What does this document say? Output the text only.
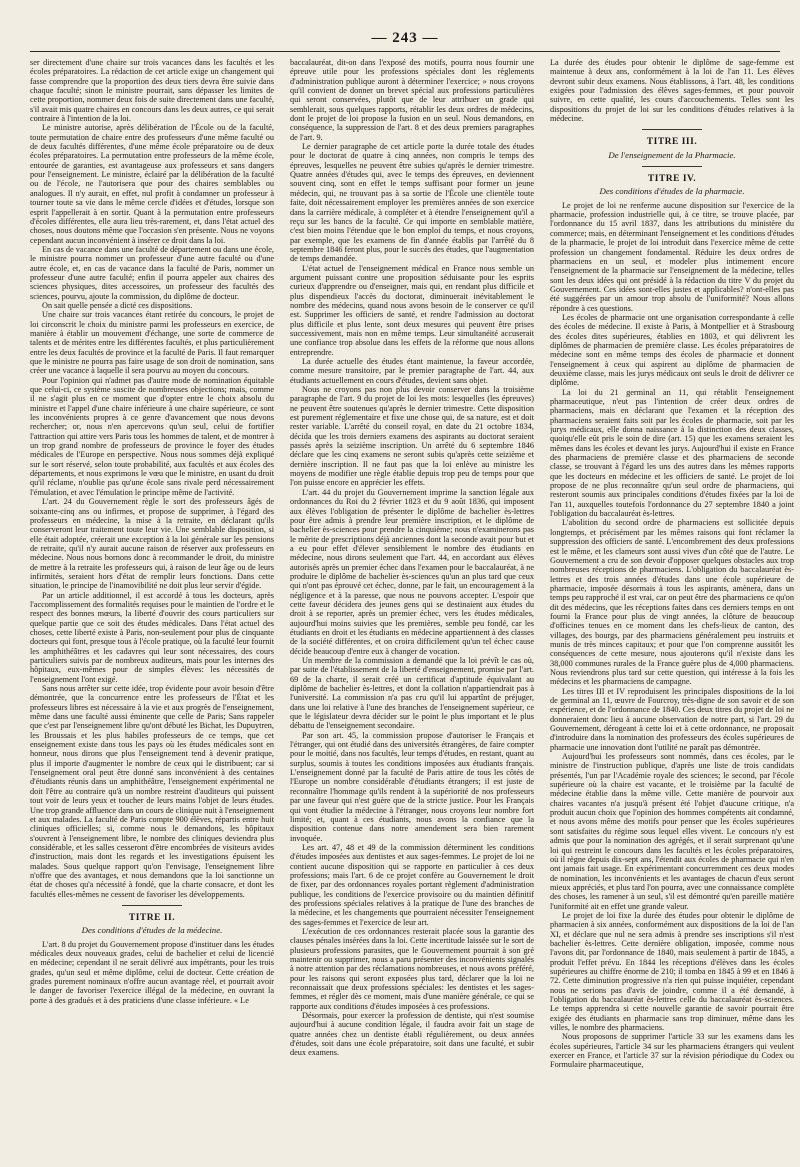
— 243 —

ser directement d'une chaire sur trois vacances dans les facultés et les écoles préparatoires. La rédaction de cet article exige un changement qui fasse comprendre que la proportion des deux tiers devra être suivie dans chaque faculté; sinon le ministre pourrait, sans dépasser les limites de cette proportion, nommer deux fois de suite directement dans une faculté, s'il avait mis quatre chaires en concours dans les deux autres, ce qui serait contraire à l'intention de la loi.

Le ministre autorise, après délibération de l'École ou de la faculté, toute permutation de chaire entre des professeurs d'une même faculté ou de deux facultés différentes, d'une même école préparatoire ou de deux écoles préparatoires. La permutation entre professeurs de la même école, entourée de garanties, est avantageuse aux professeurs et sans dangers pour l'enseignement. Le ministre, éclairé par la délibération de la faculté ou de l'école, ne l'autorisera que pour des chaires semblables ou analogues. Il n'y aurait, en effet, nul profit à condamner un professeur à tourner toute sa vie dans le même cercle d'idées et d'études, lorsque son esprit l'appellerait à en sortir. Quant à la permutation entre professeurs d'écoles différentes, elle aura lieu très-rarement, et, dans l'état actuel des choses, nous doutons même que l'occasion s'en présente. Nous ne voyons cependant aucun inconvénient à insérer ce droit dans la loi.

En cas de vacance dans une faculté de département ou dans une école, le ministre pourra nommer un professeur d'une autre faculté ou d'une autre école, et, en cas de vacance dans la faculté de Paris, nommer un professeur d'une autre faculté; enfin il pourra appeler aux chaires des sciences physiques, dites accessoires, un professeur des facultés des sciences, pourvu, ajoute la commission, du diplôme de docteur.

On sait quelle pensée a dicté ces dispositions.

Une chaire sur trois vacances étant retirée du concours, le projet de loi circonscrit le choix du ministre parmi les professeurs en exercice, de manière à établir un mouvement d'échange, une sorte de commerce de talents et de mérites entre les différentes facultés, et plus particulièrement entre les deux facultés de province et la faculté de Paris. Il faut remarquer que le ministre ne pourra pas faire usage de son droit de nomination, sans créer une vacance à laquelle il sera pourvu au moyen du concours.

Pour l'opinion qui n'admet pas d'autre mode de nomination équitable que celui-ci, ce système suscite de nombreuses objections; mais, comme il ne s'agit plus en ce moment que d'opter entre le choix absolu du ministre et l'appel d'une chaire inférieure à une chaire supérieure, ce sont les inconvénients propres à ce genre d'avancement que nous devons rechercher; or, nous n'en apercevons qu'un seul, celui de fortifier l'attraction qui attire vers Paris tous les hommes de talent, et de montrer à un trop grand nombre de professeurs de province le foyer des études médicales de l'Europe en perspective. Nous nous sommes déjà expliqué sur le sort réservé, selon toute probabilité, aux facultés et aux écoles des départements, et nous exprimons le vœu que le ministre, en usant du droit qu'il réclame, n'oublie pas qu'une école sans rivale perd nécessairement l'émulation, et avec l'émulation le principe même de l'activité.

L'art. 24 du Gouvernement règle le sort des professeurs âgés de soixante-cinq ans ou infirmes, et propose de supprimer, à l'égard des professeurs en médecine, la mise à la retraite, en déclarant qu'ils conserveront leur traitement toute leur vie. Une semblable disposition, si elle était adoptée, créerait une exception à la loi générale sur les pensions de retraite, qu'il n'y aurait aucune raison de réserver aux professeurs en médecine. Nous nous bornons donc à recommander le droit, du ministre de mettre à la retraite les professeurs qui, à raison de leur âge ou de leurs infirmités, seraient hors d'état de remplir leurs fonctions. Dans cette situation, le principe de l'inamovibilité ne doit plus leur servir d'égide.

Par un article additionnel, il est accordé à tous les docteurs, après l'accomplissement des formalités requises pour le maintien de l'ordre et le respect des bonnes mœurs, la liberté d'ouvrir des cours particuliers sur quelque partie que ce soit des études médicales. Dans l'état actuel des choses, cette liberté existe à Paris, non-seulement pour plus de cinquante docteurs qui font, presque tous à l'école pratique, où la faculté leur fournit les amphithéâtres et les cadavres qui leur sont nécessaires, des cours particuliers suivis par de nombreux auditeurs, mais pour les internes des hôpitaux, eux-mêmes pour de simples élèves: les nécessités de l'enseignement l'ont exigé.

Sans nous arrêter sur cette idée, trop évidente pour avoir besoin d'être démontrée, que la concurrence entre les professeurs de l'État et les professeurs libres est nécessaire à la vie et aux progrès de l'enseignement, même dans une faculté aussi éminente que celle de Paris; Sans rappeler que c'est par l'enseignement libre qu'ont débuté les Bichat, les Dupuytren, les Broussais et les plus habiles professeurs de ce temps, que cet enseignement existe dans tous les pays où les études médicales sont en honneur, nous dirons que plus l'enseignement tend à devenir pratique, plus il importe d'augmenter le nombre de ceux qui le distribuent; car si l'enseignement oral peut être donné sans inconvénient à des centaines d'étudiants réunis dans un amphithéâtre, l'enseignement expérimental ne doit l'être au contraire qu'à un nombre restreint d'auditeurs qui puissent tout voir de leurs yeux et toucher de leurs mains l'objet de leurs études. Une trop grande affluence dans un cours de clinique nuit à l'enseignement et aux malades. La faculté de Paris compte 900 élèves, répartis entre huit cliniques officielles; si, comme nous le demandons, les hôpitaux s'ouvrent à l'enseignement libre, le nombre des cliniques deviendra plus considérable, et les salles cesseront d'être encombrées de visiteurs avides d'instruction, mais dont les regards et les investigations épuisent les malades. Sous quelque rapport qu'on l'envisage, l'enseignement libre n'offre que des avantages, et nous demandons que la loi sanctionne un état de choses qu'a nécessité à fondé, que la charte consacre, et dont les facultés elles-mêmes ne cessent de favoriser les développements.

TITRE II.

Des conditions d'études de la médecine.

L'art. 8 du projet du Gouvernement propose d'instituer dans les études médicales deux nouveaux grades, celui de bachelier et celui de licencié en médecine; cependant il ne serait délivré aux impétrants, pour les trois grades, qu'un seul et même diplôme, celui de docteur. Cette création de grades purement nominaux n'offre aucun avantage réel, et pourrait avoir le danger de favoriser l'exercice illégal de la médecine, en ouvrant la porte à des gradués et à des praticiens d'une classe inférieure. « Le

baccalauréat, dit-on dans l'exposé des motifs, pourra nous fournir une épreuve utile pour les professions spéciales dont les règlements d'administration publique auront à déterminer l'exercice; » nous croyons qu'il convient de donner un brevet spécial aux professions particulières qui seront conservées, plutôt que de leur attribuer un grade qui semblerait, sous quelques rapports, rétablir les deux ordres de médecins, dont le projet de loi propose la fusion en un seul. Nous demandons, en conséquence, la suppression de l'art. 8 et des deux premiers paragraphes de l'art. 9.

Le dernier paragraphe de cet article porte la durée totale des études pour le doctorat de quatre à cinq années, non compris le temps des épreuves, lesquelles ne peuvent être subies qu'après le dernier trimestre. Quatre années d'études qui, avec le temps des épreuves, en deviennent souvent cinq, sont en effet le temps suffisant pour former un jeune médecin, qui, ne trouvant pas à sa sortie de l'École une clientèle toute faite, doit nécessairement employer les premières années de son exercice dans la carrière médicale, à compléter et à étendre l'enseignement qu'il a reçu sur les bancs de la faculté. Ce qui importe en semblable matière, c'est bien moins l'étendue que le bon emploi du temps, et nous croyons, par exemple, que les examens de fin d'année établis par l'arrêté du 8 septembre 1846 feront plus, pour le succès des études, que l'augmentation de temps demandée.

L'état actuel de l'enseignement médical en France nous semble un argument puissant contre une proposition séduisante pour les esprits curieux d'apprendre ou d'enseigner, mais qui, en rendant plus difficile et plus dispendieux l'accès du doctorat, diminuerait inévitablement le nombre des médecins, quand nous avons besoin de le conserver ce qu'il est. Supprimer les officiers de santé, et rendre l'admission au doctorat plus difficile et plus lente, sont deux mesures qui peuvent être prises successivement, mais non en même temps. Leur simultanéité accuserait une confiance trop absolue dans les effets de la réforme que nous allons entreprendre.

La durée actuelle des études étant maintenue, la faveur accordée, comme mesure transitoire, par le premier paragraphe de l'art. 44, aux étudiants actuellement en cours d'études, devient sans objet.

Nous ne croyons pas non plus devoir conserver dans la troisième paragraphe de l'art. 9 du projet de loi les mots: lesquelles (les épreuves) ne peuvent être soutenues qu'après le dernier trimestre. Cette disposition est purement réglementaire et fixe une chose qui, de sa nature, est et doit rester variable. L'arrêté du conseil royal, en date du 21 octobre 1834, décida que les trois derniers examens des aspirants au doctorat seraient passés après la seizième inscription. Un arrêté du 6 septembre 1846 déclare que les cinq examens ne seront subis qu'après cette seizième et dernière inscription. Il ne faut pas que la loi enlève au ministre les moyens de modifier une règle établie depuis trop peu de temps pour que l'on puisse encore en apprécier les effets.

L'art. 44 du projet du Gouvernement imprime la sanction légale aux ordonnances du Roi du 2 février 1823 et du 9 août 1836, qui imposent aux élèves l'obligation de présenter le diplôme de bachelier ès-lettres pour être admis à prendre leur première inscription, et le diplôme de bachelier ès-sciences pour prendre la cinquième; nous n'examinerons pas le mérite de prescriptions déjà anciennes dont la seconde avait pour but et a eu pour effet d'élever sensiblement le nombre des étudiants en médecine, nous dirons seulement que l'art. 44, en accordant aux élèves autorisés après un premier échec dans l'examen pour le baccalauréat, à ne produire le diplôme de bachelier ès-sciences qu'un an plus tard que ceux qui n'ont pas éprouvé cet échec, donne, par le fait, un encouragement à la négligence et à la paresse, que nous ne pouvons accepter. L'espoir que cette faveur décidera des jeunes gens qui se destinaient aux études du droit à se reporter, après un premier échec, vers les études médicales, aujourd'hui moins suivies que les premières, semble peu fondé, car les étudiants en droit et les étudiants en médecine appartiennent à des classes de la société différentes, et on croira difficilement qu'un tel échec cause décide beaucoup d'entre eux à changer de vocation.

Un membre de la commission a demandé que la loi prévît le cas où, par suite de l'établissement de la liberté d'enseignement, promise par l'art. 69 de la charte, il serait créé un certificat d'aptitude équivalant au diplôme de bachelier ès-lettres, et dont la collation n'appartiendrait pas à l'université. La commission n'a pas cru qu'il lui appartînt de préjuger, dans une loi relative à l'une des branches de l'enseignement supérieur, ce que le législateur devra décider sur le point le plus important et le plus débattu de l'enseignement secondaire.

Par son art. 45, la commission propose d'autoriser le Français et l'étranger, qui ont étudié dans des universités étrangères, de faire compter pour le moitié, dans nos facultés, leur temps d'études, en restant, quant au surplus, soumis à toutes les conditions imposées aux étudiants français. L'enseignement donné par la faculté de Paris attire de tous les côtés de l'Europe un nombre considérable d'étudiants étrangers; il est juste de reconnaître l'hommage qu'ils rendent à la supériorité de nos professeurs par une faveur qui n'est guère que de la stricte justice. Pour les Français qui vont étudier la médecine à l'étranger, nous croyons leur nombre fort limité; et, quant à ces étudiants, nous avons la confiance que la disposition contenue dans notre amendement sera bien rarement invoquée.

Les art. 47, 48 et 49 de la commission déterminent les conditions d'études imposées aux dentistes et aux sages-femmes. Le projet de loi ne contient aucune disposition qui se rapporte en particulier à ces deux professions; mais l'art. 6 de ce projet confère au Gouvernement le droit de fixer, par des ordonnances royales portant règlement d'administration publique, les conditions de l'exercice provisoire ou du maintien définitif des professions spéciales relatives à la pratique de l'une des branches de la médecine, et les changements que pourraient nécessiter l'enseignement des sages-femmes et l'exercice de leur art.

L'exécution de ces ordonnances resterait placée sous la garantie des clauses pénales insérées dans la loi. Cette incertitude laissée sur le sort de plusieurs professions parasites, que le Gouvernement pourrait à son gré maintenir ou supprimer, nous a paru présenter des inconvénients signalés à notre attention par des réclamations nombreuses, et nous avons préféré, pour les raisons qui seront exposées plus tard, déclarer que la loi ne reconnaissait que deux professions spéciales: les dentistes et les sages-femmes, et régler dès ce moment, mais d'une manière générale, ce qui se rapporte aux conditions d'études imposées à ces professions.

Désormais, pour exercer la profession de dentiste, qui n'est soumise aujourd'hui à aucune condition légale, il faudra avoir fait un stage de quatre années chez un dentiste établi régulièrement, ou deux années d'études, soit dans une école préparatoire, soit dans une faculté, et subir deux examens.

La durée des études pour obtenir le diplôme de sage-femme est maintenue à deux ans, conformément à la loi de l'an 11. Les élèves devront subir deux examens. Nous établissons, à l'art. 48, les conditions exigées pour l'admission des élèves sages-femmes, et pour pouvoir suivre, en cette qualité, les cours d'accouchements. Telles sont les dispositions du projet de loi sur les conditions d'études relatives à la médecine.

TITRE III.

De l'enseignement de la Pharmacie.

TITRE IV.

Des conditions d'études de la pharmacie.

Le projet de loi ne renferme aucune disposition sur l'exercice de la pharmacie, profession industrielle qui, à ce titre, se trouve placée, par l'ordonnance du 15 avril 1837, dans les attributions du ministère du commerce; mais, en déterminant l'enseignement et les conditions d'études de la pharmacie, le projet de loi introduit dans l'exercice même de cette profession un changement fondamental. Réduire les deux ordres de pharmaciens en un seul, et modeler plus intimement encore l'enseignement de la pharmacie sur l'enseignement de la médecine, telles sont les deux idées qui ont présidé à la rédaction du titre V du projet du Gouvernement. Ces idées sont-elles justes et applicables? n'ont-elles pas été suggérées par un amour trop absolu de l'uniformité? Nous allons répondre à ces questions.

Les écoles de pharmacie ont une organisation correspondante à celle des écoles de médecine. Il existe à Paris, à Montpellier et à Strasbourg des écoles dites supérieures, établies en 1803, et qui délivrent les diplômes de pharmacien de première classe. Les écoles préparatoires de médecine sont en même temps des écoles de pharmacie et donnent l'enseignement à ceux qui aspirent au diplôme de pharmacien de deuxième classe, mais les jurys médicaux ont seuls le droit de délivrer ce diplôme.

La loi du 21 germinal an 11, qui rétablit l'enseignement pharmaceutique, n'eut pas l'intention de créer deux ordres de pharmaciens, mais en déclarant que l'examen et la réception des pharmaciens seraient faits soit par les écoles de pharmacie, soit par les jurys médicaux, elle donna naissance à la distinction des deux classes, quoiqu'elle eût pris le soin de dire (art. 15) que les examens seraient les mêmes dans les écoles et devant les jurys. Aujourd'hui il existe en France des pharmaciens de première classe et des pharmaciens de seconde classe, se trouvant à l'égard les uns des autres dans les mêmes rapports que les docteurs en médecine et les officiers de santé. Le projet de loi propose de ne plus reconnaître qu'un seul ordre de pharmaciens, qui resteront soumis aux principales conditions d'études fixées par la loi de l'an 11, auxquelles toutefois l'ordonnance du 27 septembre 1840 a joint l'obligation du baccalauréat ès-lettres.

L'abolition du second ordre de pharmaciens est sollicitée depuis longtemps, et précisément par les mêmes raisons qui font réclamer la suppression des officiers de santé. L'encombrement des deux professions est le même, et les clameurs sont aussi vives d'un côté que de l'autre. Le Gouvernement a cru de son devoir d'opposer quelques obstacles aux trop nombreuses réceptions de pharmaciens. L'obligation du baccalauréat ès-lettres et des trois années d'études dans une école supérieure de pharmacie, imposée désormais à tous les aspirants, amènera, dans un temps peu rapproché il est vrai, car on peut être des pharmaciens ce qu'on dit des médecins, que les réceptions faites dans ces derniers temps en ont fourni la France pour plus de vingt années, la clôture de beaucoup d'officines tenues en ce moment dans les chefs-lieux de canton, des villages, des bourgs, par des pharmaciens généralement peu instruits et munis de très minces capitaux; et pour que l'on comprenne aussitôt les conséquences de cette mesure, nous ajouterons qu'il n'existe dans les 38,000 communes rurales de la France guère plus de 4,000 pharmaciens. Nous reviendrons plus tard sur cette question, qui intéresse à la fois les médecins et les pharmaciens de campagne.

Les titres III et IV reproduisent les principales dispositions de la loi de germinal an 11, œuvre de Fourcroy, très-digne de son savoir et de son expérience, et de l'ordonnance de 1840. Ces deux titres du projet de loi ne donneraient donc lieu à aucune observation de notre part, si l'art. 29 du Gouvernement, dérogeant à cette loi et à cette ordonnance, ne proposait d'introduire dans la nomination des professeurs des écoles supérieures de pharmacie une innovation dont l'utilité ne paraît pas démontrée.

Aujourd'hui les professeurs sont nommés, dans ces écoles, par le ministre de l'instruction publique, d'après une liste de trois candidats présentés, l'un par l'Académie royale des sciences; le second, par l'école supérieure où la chaire est vacante, et le troisième par la faculté de médecine établie dans la même ville. Cette manière de pourvoir aux chaires vacantes n'a jusqu'à présent été l'objet d'aucune critique, n'a produit aucun choix que l'opinion des hommes compétents ait condamné, et nous avons même des motifs pour penser que les écoles supérieures sont satisfaites du régime sous lequel elles vivent. Le concours n'y est admis que pour la nomination des agrégés, et il serait surprenant qu'une loi qui restreint le concours dans les facultés et les écoles préparatoires, où il règne depuis dix-sept ans, l'étendit aux écoles de pharmacie qui n'en ont jamais fait usage. En expérimentant concurremment ces deux modes de nomination, les inconvénients et les avantages de chacun d'eux seront mieux appréciés, et plus tard l'on pourra, avec une connaissance complète des choses, les ramener à un seul, s'il est démontré qu'en pareille matière l'uniformité ait en effet une grande valeur.

Le projet de loi fixe la durée des études pour obtenir le diplôme de pharmacien à six années, conformément aux dispositions de la loi de l'an XI, et déclare que nul ne sera admis à prendre ses inscriptions s'il n'est bachelier ès-lettres. Cette dernière obligation, imposée, comme nous l'avons dit, par l'ordonnance de 1840, mais seulement à partir de 1845, a produit l'effet prévu. En 1844 les réceptions d'élèves dans les écoles supérieures au chiffre énorme de 210; il tomba en 1845 à 99 et en 1846 à 72. Cette diminution progressive n'a rien qui puisse inquiéter, cependant nous ne serions pas d'avis de joindre, comme il a été demandé, à l'obligation du baccalauréat ès-lettres celle du baccalauréat ès-sciences. Le temps apprendra si cette nouvelle garantie de savoir pourrait être exigée des étudiants en pharmacie sans trop diminuer, même dans les villes, le nombre des pharmaciens.

Nous proposons de supprimer l'article 33 sur les examens dans les écoles supérieures, l'article 34 sur les pharmaciens étrangers qui veulent exercer en France, et l'article 37 sur la révision périodique du Codex ou Formulaire pharmaceutique,
